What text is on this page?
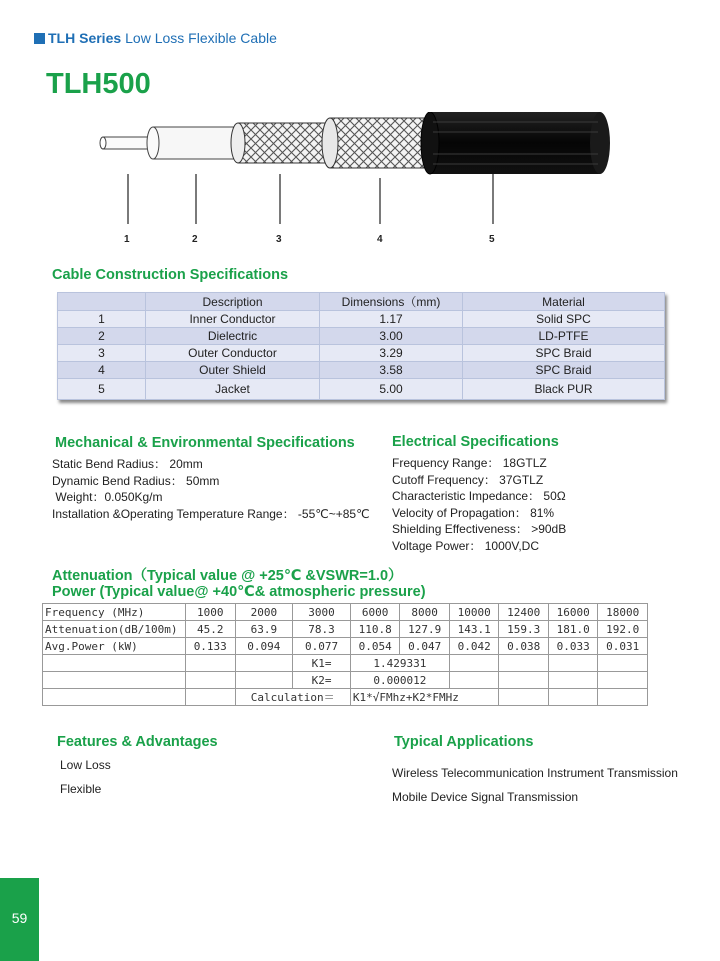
TLH Series Low Loss Flexible Cable
TLH500
1	2	3	4	5
Cable Construction Specifications
	Description	Dimensions（mm)	Material
1	Inner Conductor	1.17	Solid SPC
2	Dielectric	3.00	LD-PTFE
3	Outer Conductor	3.29	SPC Braid
4	Outer Shield	3.58	SPC Braid
5	Jacket	5.00	Black PUR
Mechanical & Environmental Specifications
Static Bend Radius： 20mm
Dynamic Bend Radius： 50mm
Weight：0.050Kg/m
Installation &Operating Temperature Range： -55℃~+85℃
Electrical Specifications
Frequency Range： 18GTLZ
Cutoff Frequency： 37GTLZ
Characteristic Impedance： 50Ω
Velocity of Propagation： 81%
Shielding Effectiveness： >90dB
Voltage Power： 1000V,DC
Attenuation（Typical value @ +25℃ &VSWR=1.0）
Power (Typical value@ +40℃& atmospheric pressure)
Frequency (MHz)	1000	2000	3000	6000	8000	10000	12400	16000	18000
Attenuation(dB/100m)	45.2	63.9	78.3	110.8	127.9	143.1	159.3	181.0	192.0
Avg.Power (kW)	0.133	0.094	0.077	0.054	0.047	0.042	0.038	0.033	0.031
			K1=	1.429331					
			K2=	0.000012					
		Calculation＝		K1*√FMhz+K2*FMHz					
Features & Advantages
Low Loss
Flexible
Typical Applications
Wireless Telecommunication Instrument Transmission
Mobile Device Signal Transmission
59
